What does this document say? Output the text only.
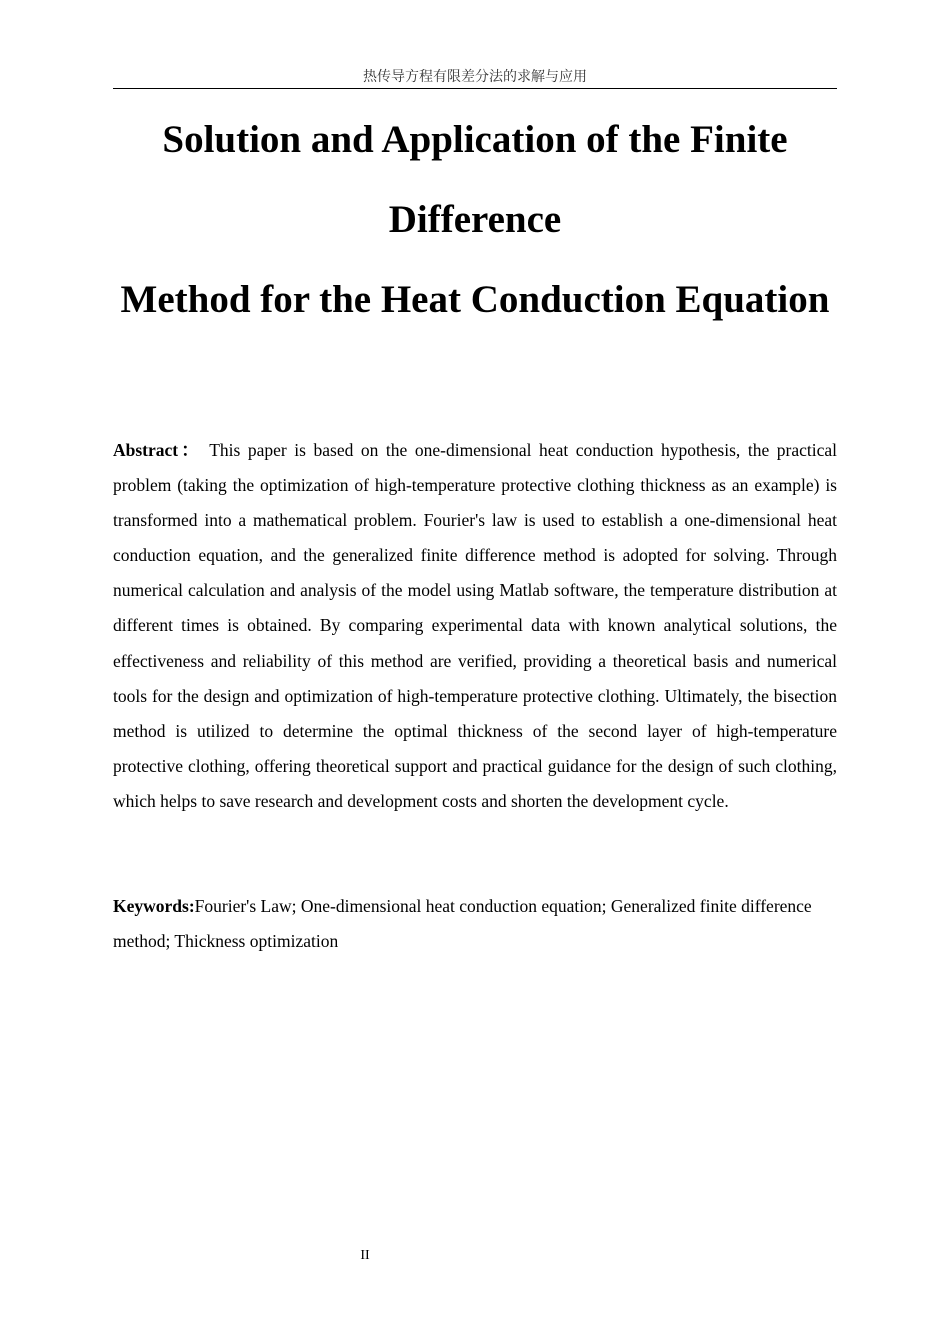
热传导方程有限差分法的求解与应用
Solution and Application of the Finite
Difference
Method for the Heat Conduction Equation
Abstract： This paper is based on the one-dimensional heat conduction hypothesis, the practical problem (taking the optimization of high-temperature protective clothing thickness as an example) is transformed into a mathematical problem. Fourier's law is used to establish a one-dimensional heat conduction equation, and the generalized finite difference method is adopted for solving. Through numerical calculation and analysis of the model using Matlab software, the temperature distribution at different times is obtained. By comparing experimental data with known analytical solutions, the effectiveness and reliability of this method are verified, providing a theoretical basis and numerical tools for the design and optimization of high-temperature protective clothing. Ultimately, the bisection method is utilized to determine the optimal thickness of the second layer of high-temperature protective clothing, offering theoretical support and practical guidance for the design of such clothing, which helps to save research and development costs and shorten the development cycle.
Keywords:Fourier's Law; One-dimensional heat conduction equation; Generalized finite difference method; Thickness optimization
II
